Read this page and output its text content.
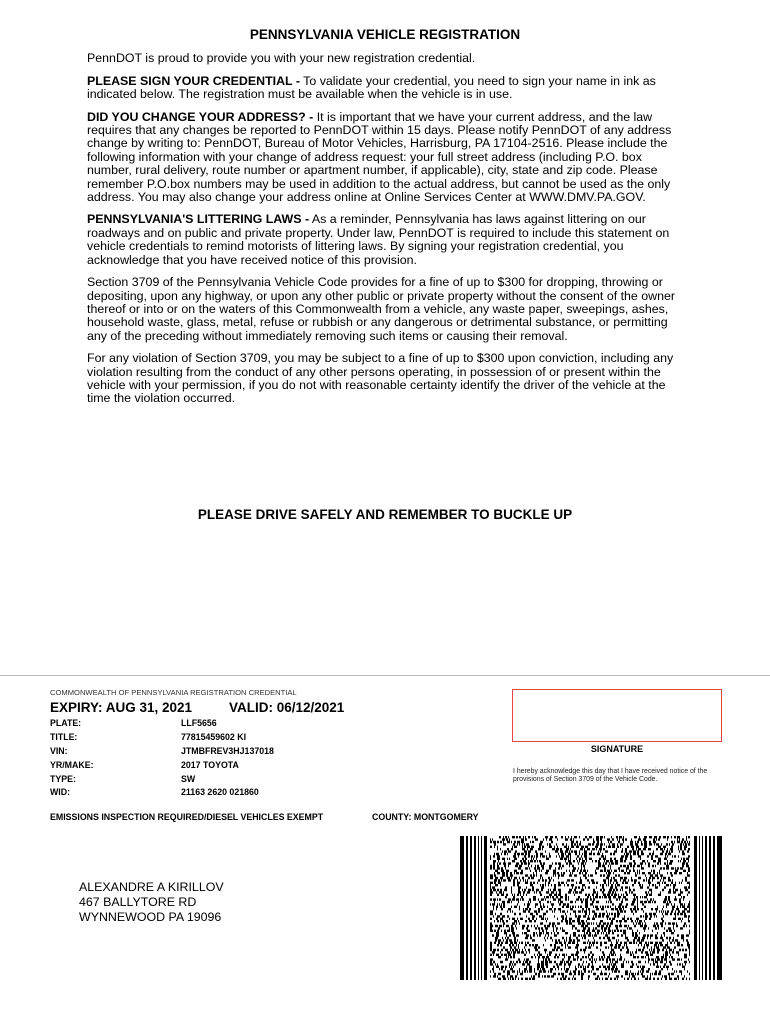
PENNSYLVANIA VEHICLE REGISTRATION

PennDOT is proud to provide you with your new registration credential.

PLEASE SIGN YOUR CREDENTIAL - To validate your credential, you need to sign your name in ink as indicated below. The registration must be available when the vehicle is in use.

DID YOU CHANGE YOUR ADDRESS? - It is important that we have your current address, and the law requires that any changes be reported to PennDOT within 15 days. Please notify PennDOT of any address change by writing to: PennDOT, Bureau of Motor Vehicles, Harrisburg, PA 17104-2516. Please include the following information with your change of address request: your full street address (including P.O. box number, rural delivery, route number or apartment number, if applicable), city, state and zip code. Please remember P.O.box numbers may be used in addition to the actual address, but cannot be used as the only address. You may also change your address online at Online Services Center at WWW.DMV.PA.GOV.

PENNSYLVANIA'S LITTERING LAWS - As a reminder, Pennsylvania has laws against littering on our roadways and on public and private property. Under law, PennDOT is required to include this statement on vehicle credentials to remind motorists of littering laws. By signing your registration credential, you acknowledge that you have received notice of this provision.

Section 3709 of the Pennsylvania Vehicle Code provides for a fine of up to $300 for dropping, throwing or depositing, upon any highway, or upon any other public or private property without the consent of the owner thereof or into or on the waters of this Commonwealth from a vehicle, any waste paper, sweepings, ashes, household waste, glass, metal, refuse or rubbish or any dangerous or detrimental substance, or permitting any of the preceding without immediately removing such items or causing their removal.

For any violation of Section 3709, you may be subject to a fine of up to $300 upon conviction, including any violation resulting from the conduct of any other persons operating, in possession of or present within the vehicle with your permission, if you do not with reasonable certainty identify the driver of the vehicle at the time the violation occurred.

PLEASE DRIVE SAFELY AND REMEMBER TO BUCKLE UP
COMMONWEALTH OF PENNSYLVANIA REGISTRATION CREDENTIAL
EXPIRY: AUG 31, 2021	VALID: 06/12/2021
PLATE:	LLF5656
TITLE:	77815459602 KI
VIN:	JTMBFREV3HJ137018
YR/MAKE:	2017 TOYOTA
TYPE:	SW
WID:	21163 2620 021860
EMISSIONS INSPECTION REQUIRED/DIESEL VEHICLES EXEMPT	COUNTY: MONTGOMERY
SIGNATURE
I hereby acknowledge this day that I have received notice of the provisions of Section 3709 of the Vehicle Code.
ALEXANDRE A KIRILLOV
467 BALLYTORE RD
WYNNEWOOD PA 19096
